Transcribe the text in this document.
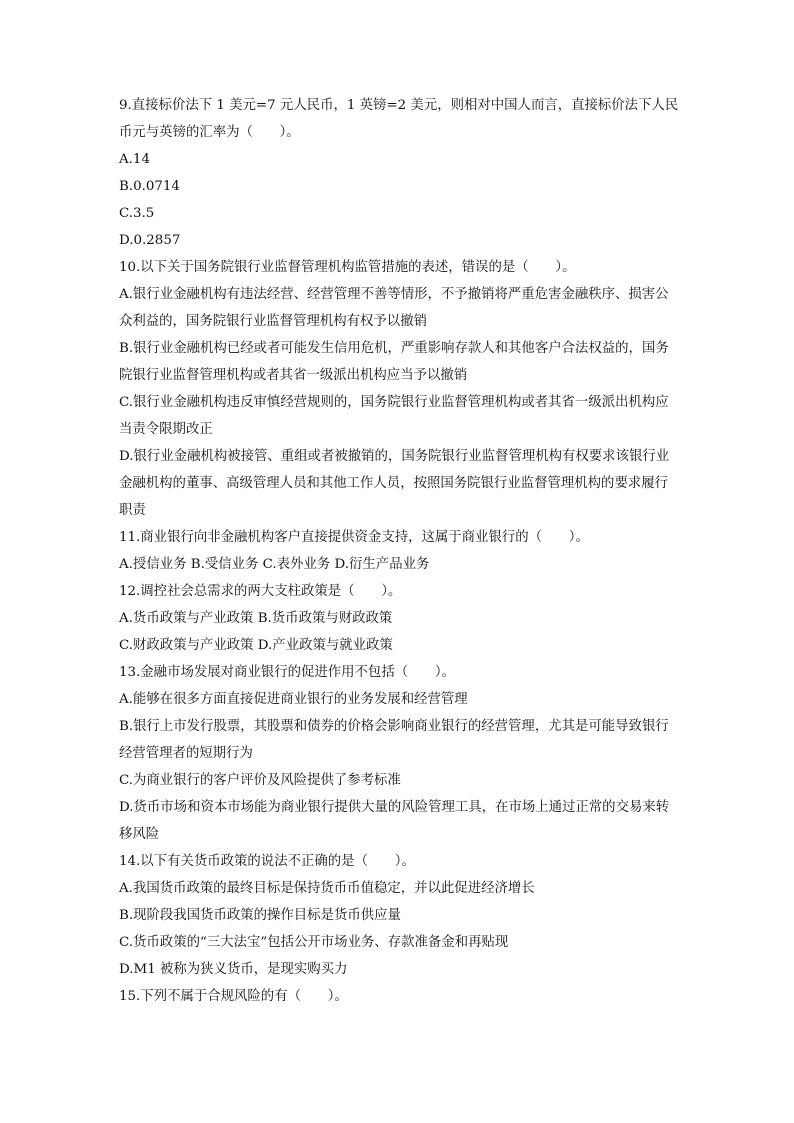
9.直接标价法下 1 美元=7 元人民币，1 英镑=2 美元，则相对中国人而言，直接标价法下人民币元与英镑的汇率为（　　）。

A.14

B.0.0714

C.3.5

D.0.2857

10.以下关于国务院银行业监督管理机构监管措施的表述，错误的是（　　）。

A.银行业金融机构有违法经营、经营管理不善等情形，不予撤销将严重危害金融秩序、损害公众利益的，国务院银行业监督管理机构有权予以撤销

B.银行业金融机构已经或者可能发生信用危机，严重影响存款人和其他客户合法权益的，国务院银行业监督管理机构或者其省一级派出机构应当予以撤销

C.银行业金融机构违反审慎经营规则的，国务院银行业监督管理机构或者其省一级派出机构应当责令限期改正

D.银行业金融机构被接管、重组或者被撤销的，国务院银行业监督管理机构有权要求该银行业金融机构的董事、高级管理人员和其他工作人员，按照国务院银行业监督管理机构的要求履行职责

11.商业银行向非金融机构客户直接提供资金支持，这属于商业银行的（　　）。

A.授信业务 B.受信业务 C.表外业务 D.衍生产品业务

12.调控社会总需求的两大支柱政策是（　　）。

A.货币政策与产业政策 B.货币政策与财政政策

C.财政政策与产业政策 D.产业政策与就业政策

13.金融市场发展对商业银行的促进作用不包括（　　）。

A.能够在很多方面直接促进商业银行的业务发展和经营管理

B.银行上市发行股票，其股票和债券的价格会影响商业银行的经营管理，尤其是可能导致银行经营管理者的短期行为

C.为商业银行的客户评价及风险提供了参考标准

D.货币市场和资本市场能为商业银行提供大量的风险管理工具，在市场上通过正常的交易来转移风险

14.以下有关货币政策的说法不正确的是（　　）。

A.我国货币政策的最终目标是保持货币币值稳定，并以此促进经济增长

B.现阶段我国货币政策的操作目标是货币供应量

C.货币政策的“三大法宝”包括公开市场业务、存款准备金和再贴现

D.M1 被称为狭义货币，是现实购买力

15.下列不属于合规风险的有（　　）。
